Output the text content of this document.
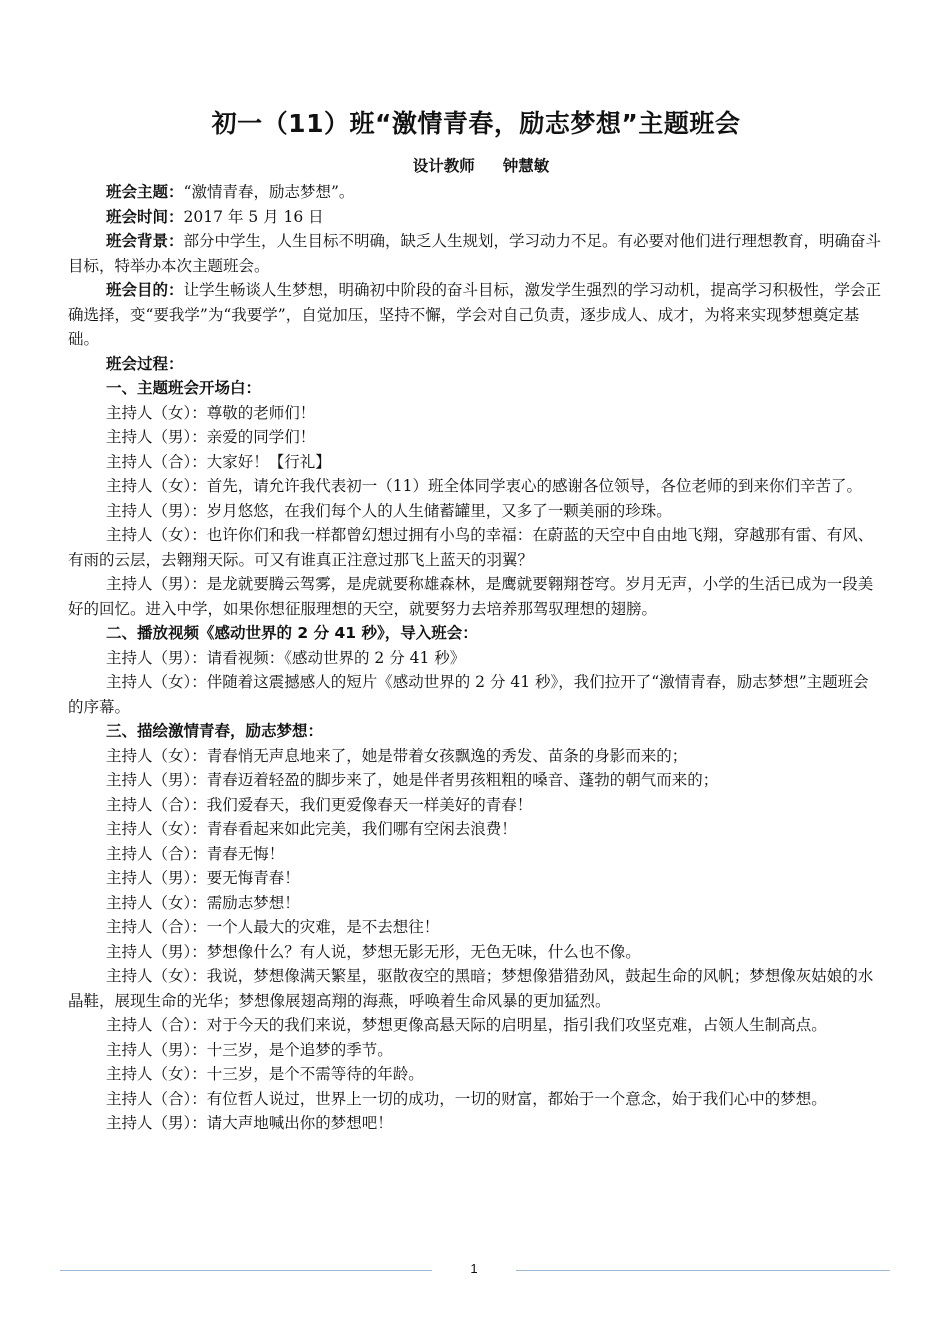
初一（11）班“激情青春，励志梦想”主题班会
设计教师 钟慧敏

班会主题：“激情青春，励志梦想”。

班会时间：2017 年 5 月 16 日

班会背景：部分中学生，人生目标不明确，缺乏人生规划，学习动力不足。有必要对他们进行理想教育，明确奋斗目标，特举办本次主题班会。

班会目的：让学生畅谈人生梦想，明确初中阶段的奋斗目标，激发学生强烈的学习动机，提高学习积极性，学会正确选择，变“要我学”为“我要学”，自觉加压，坚持不懈，学会对自己负责，逐步成人、成才，为将来实现梦想奠定基础。

班会过程：

一、主题班会开场白：

主持人（女）：尊敬的老师们！

主持人（男）：亲爱的同学们！

主持人（合）：大家好！【行礼】

主持人（女）：首先，请允许我代表初一（11）班全体同学衷心的感谢各位领导，各位老师的到来你们辛苦了。

主持人（男）：岁月悠悠，在我们每个人的人生储蓄罐里，又多了一颗美丽的珍珠。

主持人（女）：也许你们和我一样都曾幻想过拥有小鸟的幸福：在蔚蓝的天空中自由地飞翔，穿越那有雷、有风、有雨的云层，去翱翔天际。可又有谁真正注意过那飞上蓝天的羽翼？

主持人（男）：是龙就要腾云驾雾，是虎就要称雄森林，是鹰就要翱翔苍穹。岁月无声，小学的生活已成为一段美好的回忆。进入中学，如果你想征服理想的天空，就要努力去培养那驾驭理想的翅膀。

二、播放视频《感动世界的 2 分 41 秒》，导入班会：

主持人（男）：请看视频：《感动世界的 2 分 41 秒》

主持人（女）：伴随着这震撼感人的短片《感动世界的 2 分 41 秒》，我们拉开了“激情青春，励志梦想”主题班会的序幕。

三、描绘激情青春，励志梦想：

主持人（女）：青春悄无声息地来了，她是带着女孩飘逸的秀发、苗条的身影而来的；

主持人（男）：青春迈着轻盈的脚步来了，她是伴者男孩粗粗的嗓音、蓬勃的朝气而来的；

主持人（合）：我们爱春天，我们更爱像春天一样美好的青春！

主持人（女）：青春看起来如此完美，我们哪有空闲去浪费！

主持人（合）：青春无悔！

主持人（男）：要无悔青春！

主持人（女）：需励志梦想！

主持人（合）：一个人最大的灾难，是不去想往！

主持人（男）：梦想像什么？有人说，梦想无影无形，无色无味，什么也不像。

主持人（女）：我说，梦想像满天繁星，驱散夜空的黑暗；梦想像猎猎劲风，鼓起生命的风帆；梦想像灰姑娘的水晶鞋，展现生命的光华；梦想像展翅高翔的海燕，呼唤着生命风暴的更加猛烈。

主持人（合）：对于今天的我们来说，梦想更像高悬天际的启明星，指引我们攻坚克难，占领人生制高点。

主持人（男）：十三岁，是个追梦的季节。

主持人（女）：十三岁，是个不需等待的年龄。

主持人（合）：有位哲人说过，世界上一切的成功，一切的财富，都始于一个意念，始于我们心中的梦想。

主持人（男）：请大声地喊出你的梦想吧！

1
